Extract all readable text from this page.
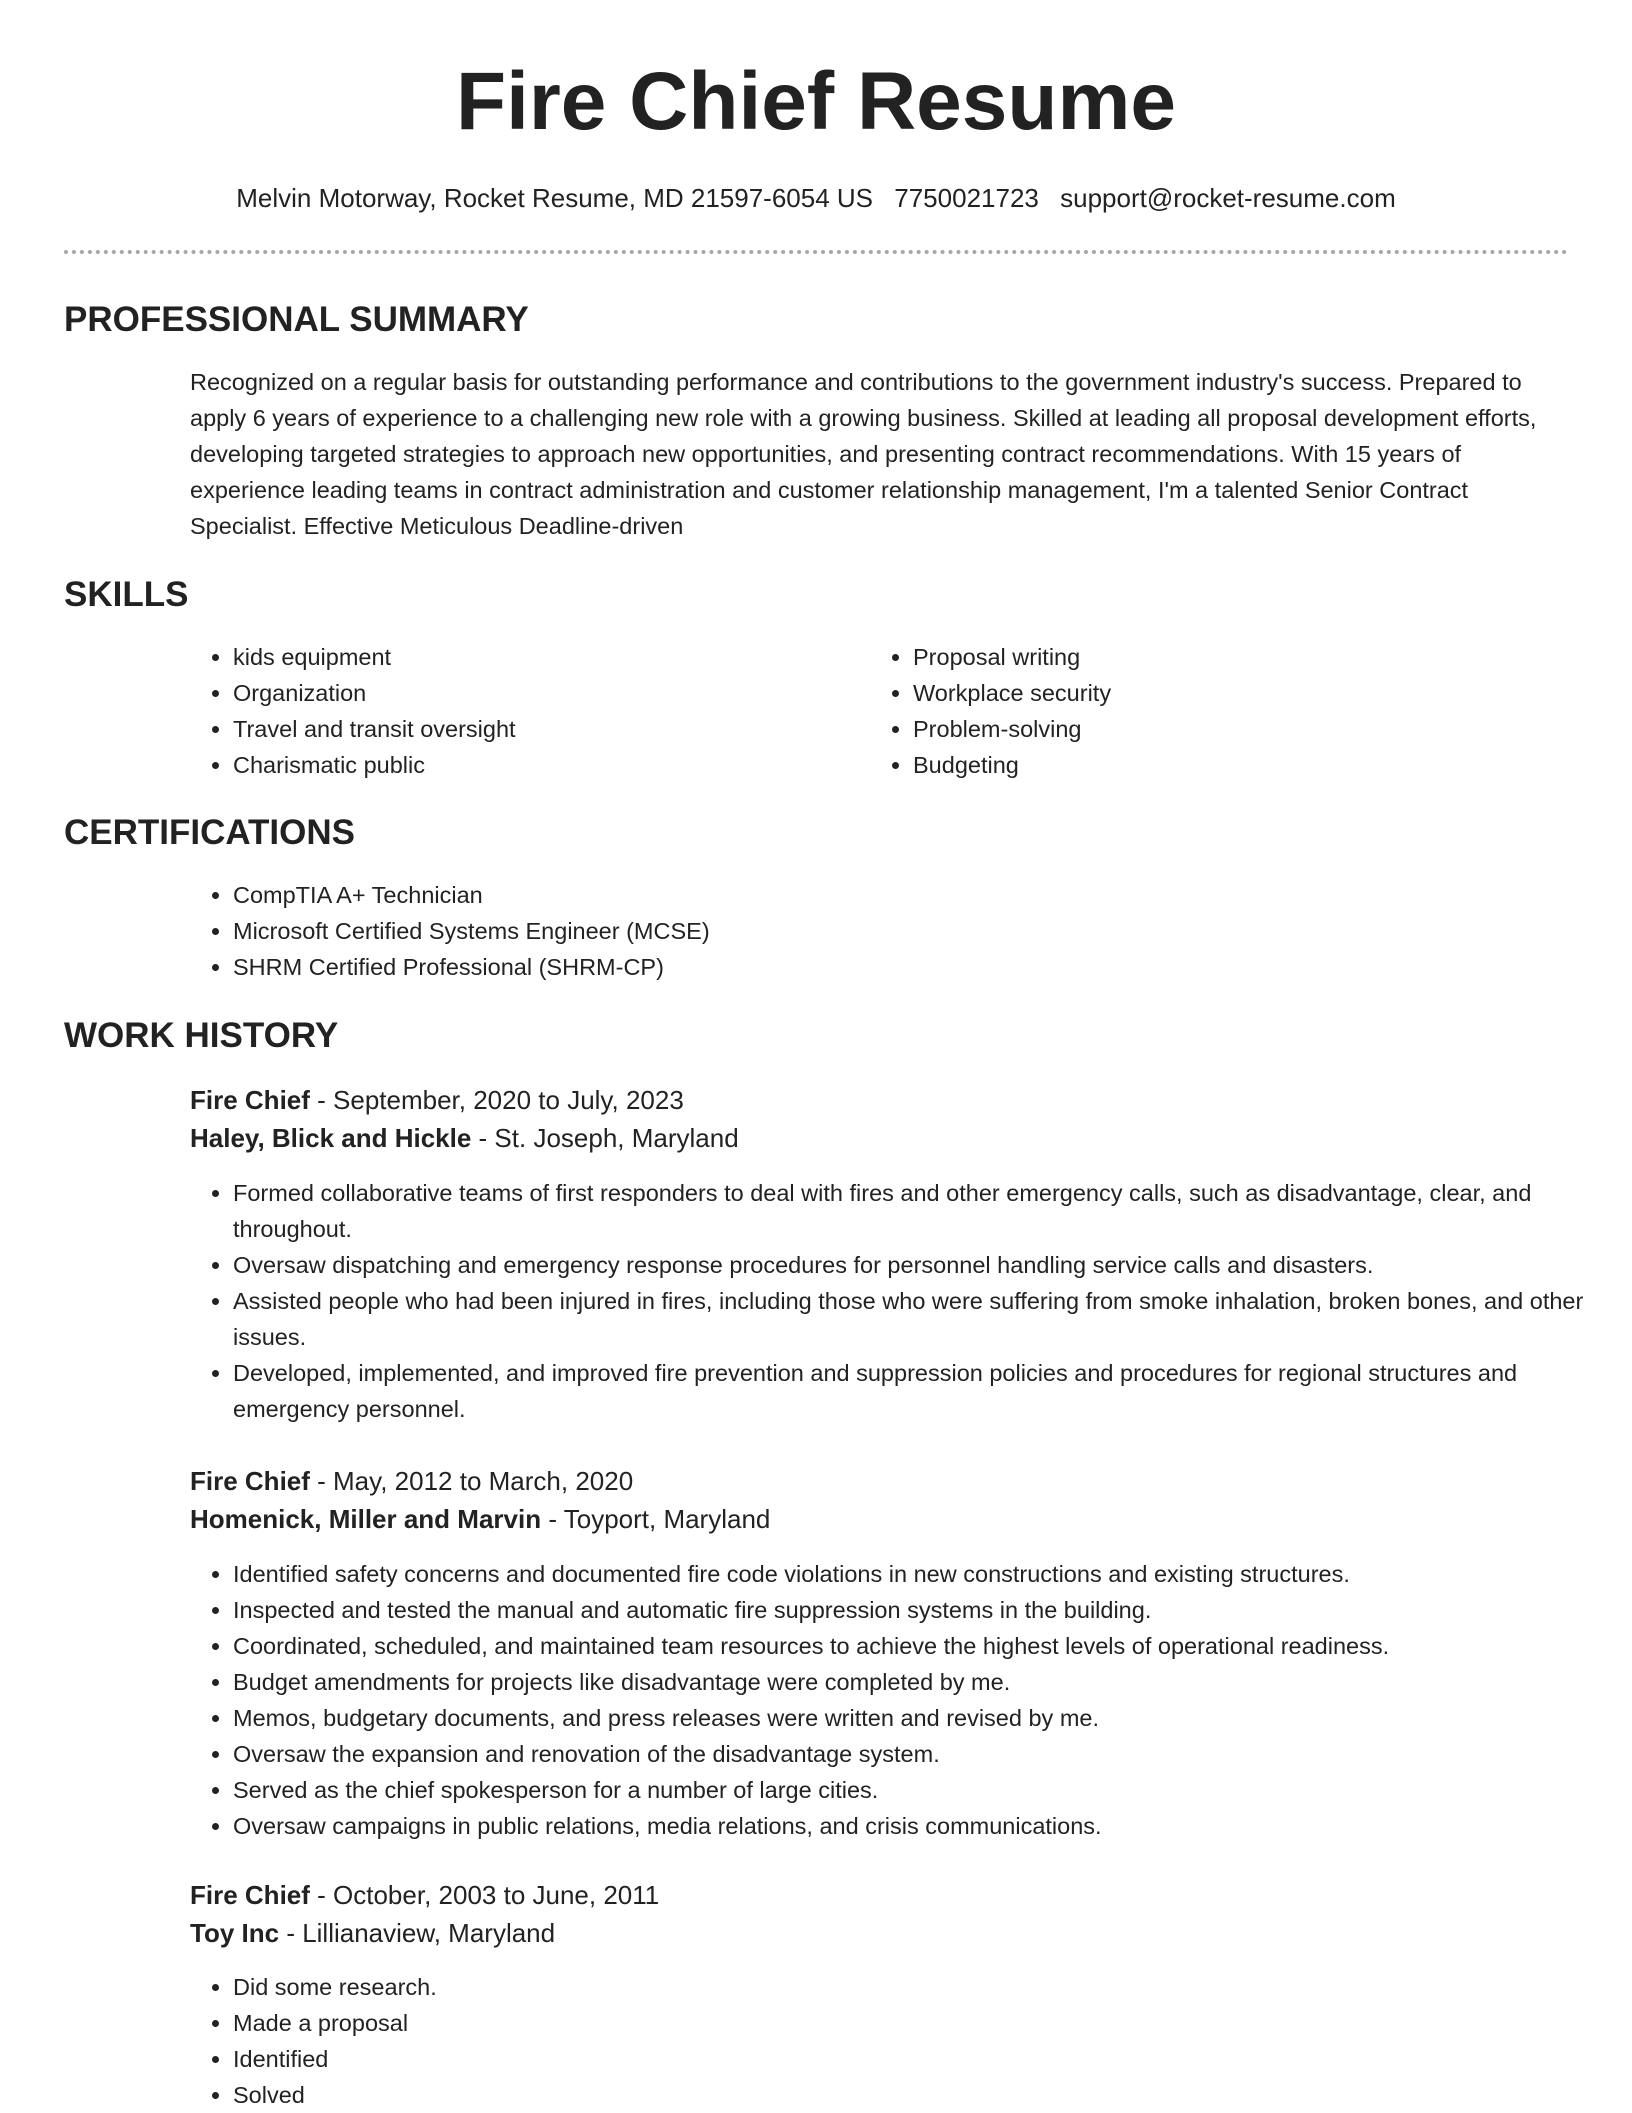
Fire Chief Resume
Melvin Motorway, Rocket Resume, MD 21597-6054 US 7750021723 support@rocket-resume.com
PROFESSIONAL SUMMARY

Recognized on a regular basis for outstanding performance and contributions to the government industry's success. Prepared to apply 6 years of experience to a challenging new role with a growing business. Skilled at leading all proposal development efforts, developing targeted strategies to approach new opportunities, and presenting contract recommendations. With 15 years of experience leading teams in contract administration and customer relationship management, I'm a talented Senior Contract Specialist. Effective Meticulous Deadline-driven

SKILLS
• kids equipment
• Organization
• Travel and transit oversight
• Charismatic public
• Proposal writing
• Workplace security
• Problem-solving
• Budgeting
CERTIFICATIONS
• CompTIA A+ Technician
• Microsoft Certified Systems Engineer (MCSE)
• SHRM Certified Professional (SHRM-CP)
WORK HISTORY
Fire Chief - September, 2020 to July, 2023
Haley, Blick and Hickle - St. Joseph, Maryland
• Formed collaborative teams of first responders to deal with fires and other emergency calls, such as disadvantage, clear, and throughout.
• Oversaw dispatching and emergency response procedures for personnel handling service calls and disasters.
• Assisted people who had been injured in fires, including those who were suffering from smoke inhalation, broken bones, and other issues.
• Developed, implemented, and improved fire prevention and suppression policies and procedures for regional structures and emergency personnel.
Fire Chief - May, 2012 to March, 2020
Homenick, Miller and Marvin - Toyport, Maryland
• Identified safety concerns and documented fire code violations in new constructions and existing structures.
• Inspected and tested the manual and automatic fire suppression systems in the building.
• Coordinated, scheduled, and maintained team resources to achieve the highest levels of operational readiness.
• Budget amendments for projects like disadvantage were completed by me.
• Memos, budgetary documents, and press releases were written and revised by me.
• Oversaw the expansion and renovation of the disadvantage system.
• Served as the chief spokesperson for a number of large cities.
• Oversaw campaigns in public relations, media relations, and crisis communications.
Fire Chief - October, 2003 to June, 2011
Toy Inc - Lillianaview, Maryland
• Did some research.
• Made a proposal
• Identified
• Solved
